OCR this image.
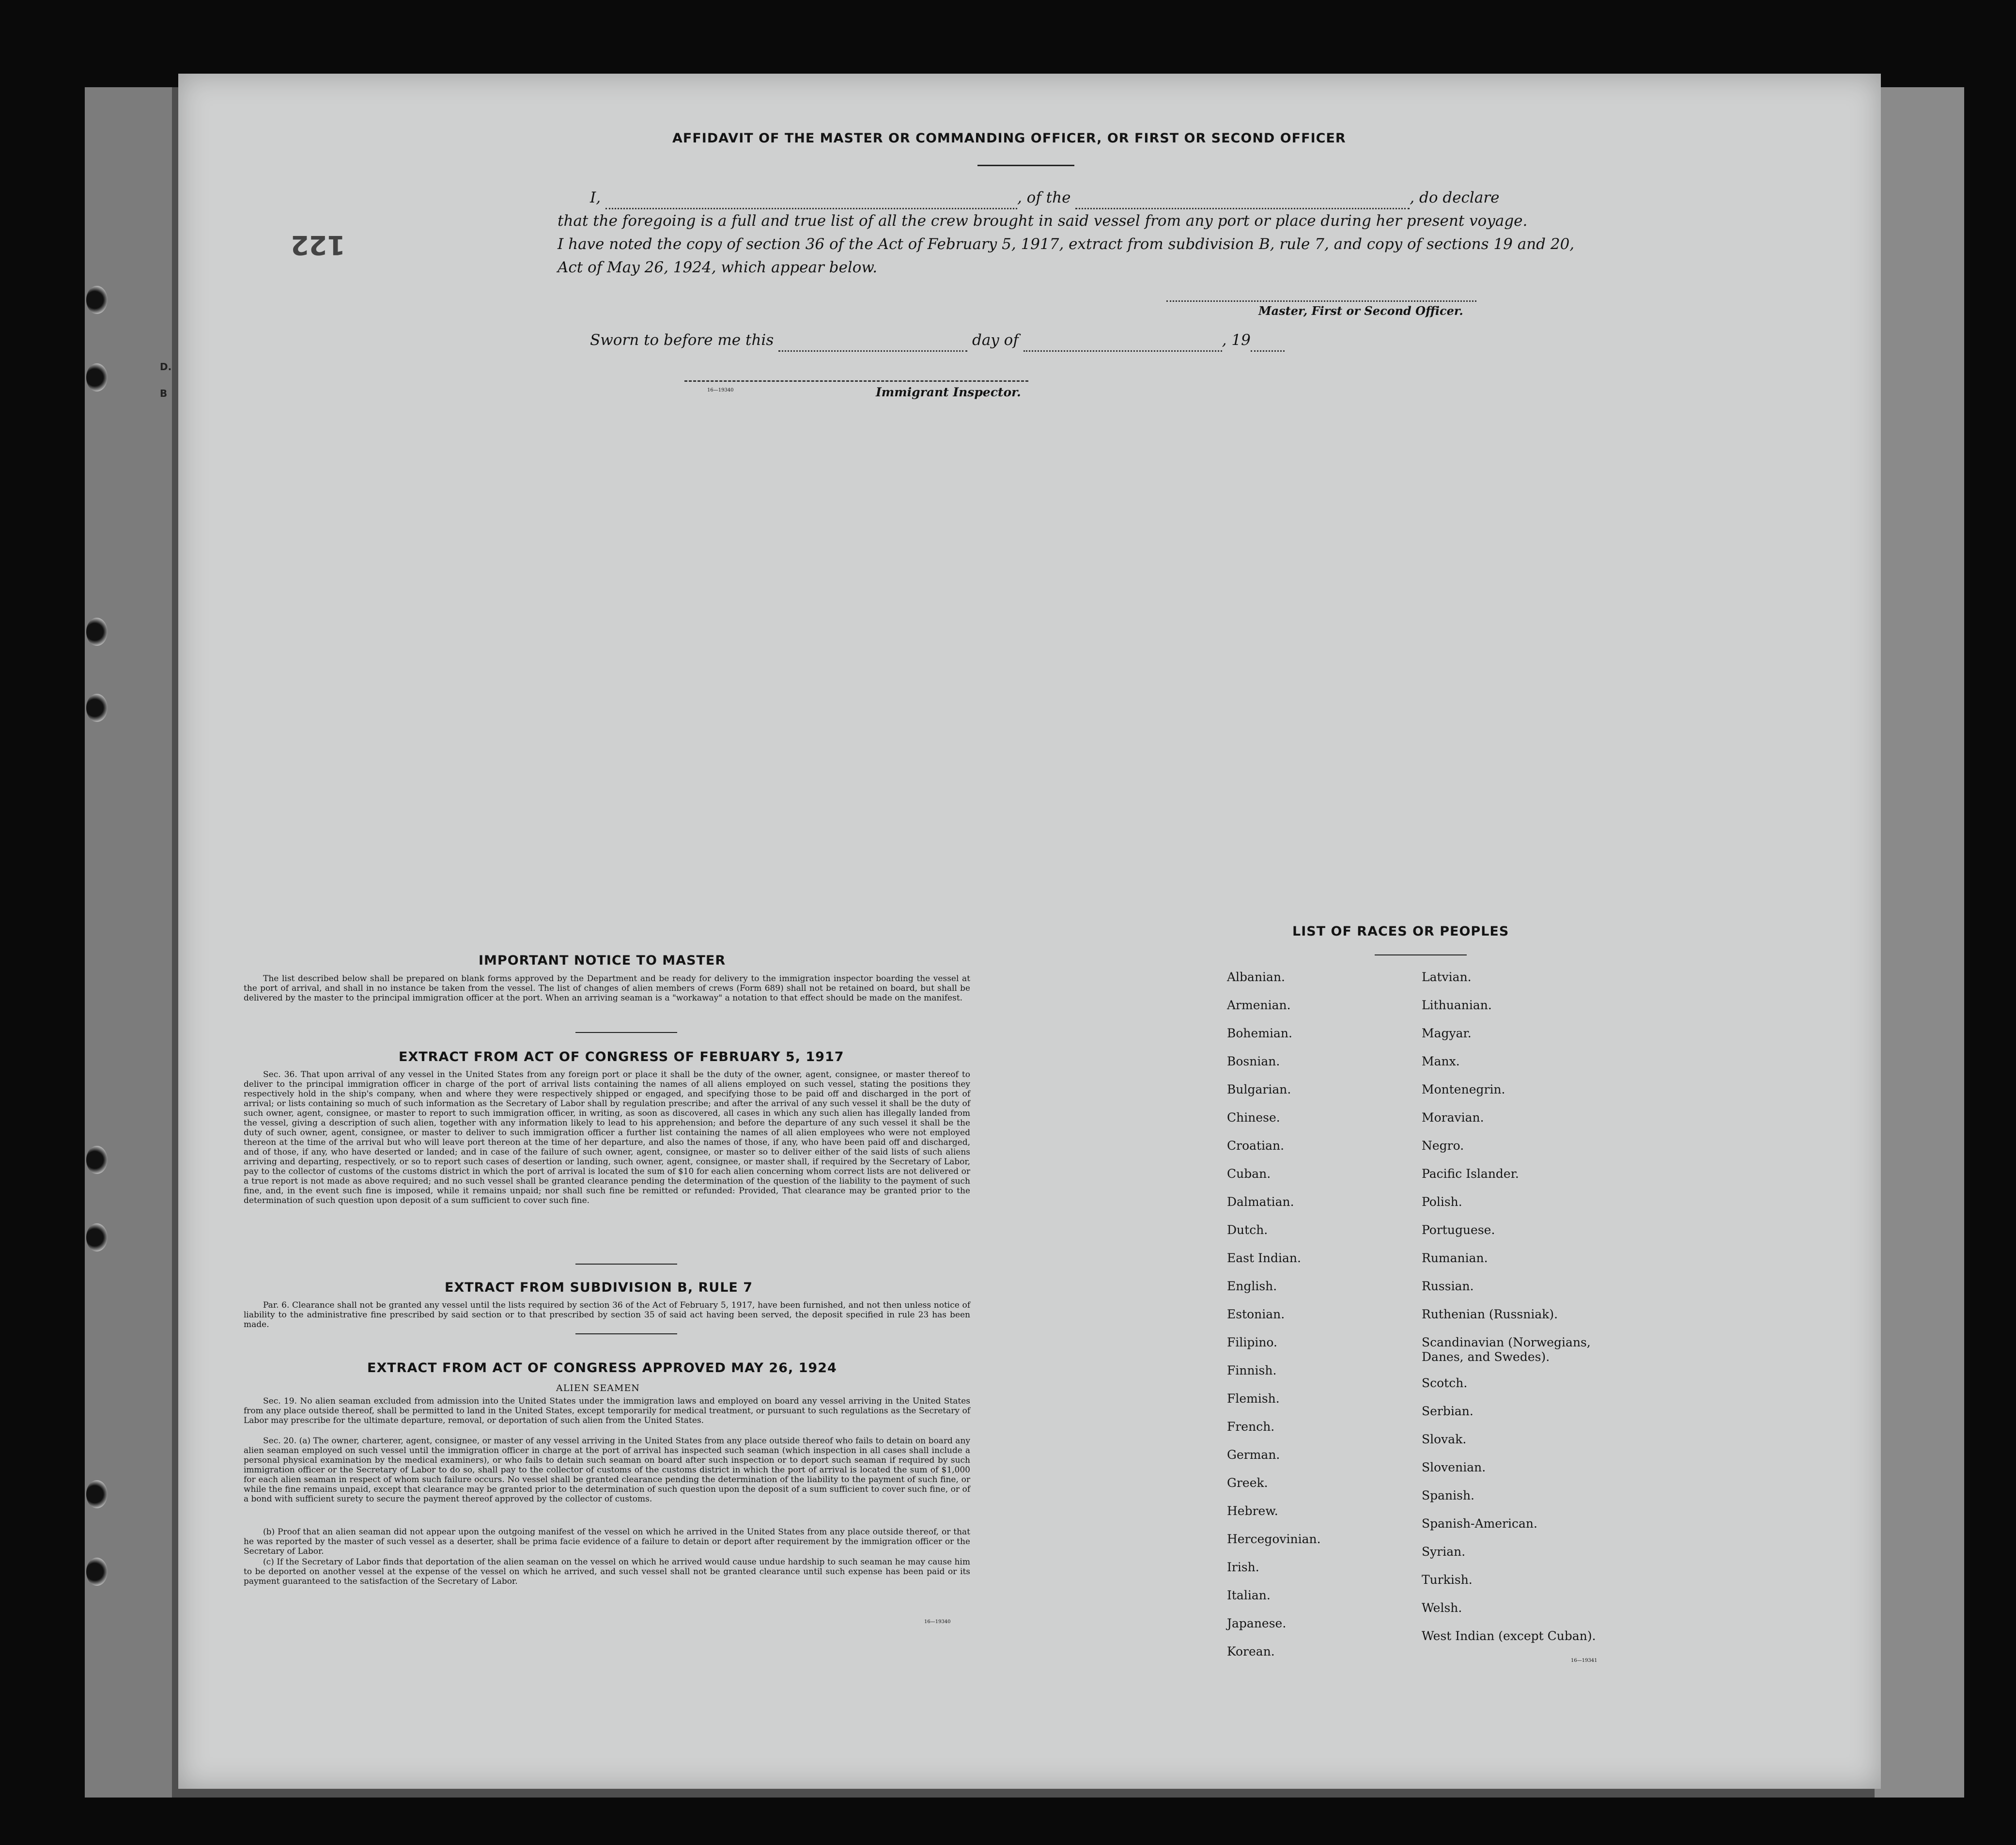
122
AFFIDAVIT OF THE MASTER OR COMMANDING OFFICER, OR FIRST OR SECOND OFFICER
I,	, of the	, do declare
that the foregoing is a full and true list of all the crew brought in said vessel from any port or place during her present voyage.
I have noted the copy of section 36 of the Act of February 5, 1917, extract from subdivision B, rule 7, and copy of sections 19 and 20,
Act of May 26, 1924, which appear below.
Master, First or Second Officer.
Sworn to before me this	day of	, 19
16—19340	Immigrant Inspector.
IMPORTANT NOTICE TO MASTER
The list described below shall be prepared on blank forms approved by the Department and be ready for delivery to the immigration inspector boarding the vessel at the port of arrival, and shall in no instance be taken from the vessel. The list of changes of alien members of crews (Form 689) shall not be retained on board, but shall be delivered by the master to the principal immigration officer at the port. When an arriving seaman is a "workaway" a notation to that effect should be made on the manifest.
EXTRACT FROM ACT OF CONGRESS OF FEBRUARY 5, 1917
Sec. 36. That upon arrival of any vessel in the United States from any foreign port or place it shall be the duty of the owner, agent, consignee, or master thereof to deliver to the principal immigration officer in charge of the port of arrival lists containing the names of all aliens employed on such vessel, stating the positions they respectively hold in the ship's company, when and where they were respectively shipped or engaged, and specifying those to be paid off and discharged in the port of arrival; or lists containing so much of such information as the Secretary of Labor shall by regulation prescribe; and after the arrival of any such vessel it shall be the duty of such owner, agent, consignee, or master to report to such immigration officer, in writing, as soon as discovered, all cases in which any such alien has illegally landed from the vessel, giving a description of such alien, together with any information likely to lead to his apprehension; and before the departure of any such vessel it shall be the duty of such owner, agent, consignee, or master to deliver to such immigration officer a further list containing the names of all alien employees who were not employed thereon at the time of the arrival but who will leave port thereon at the time of her departure, and also the names of those, if any, who have been paid off and discharged, and of those, if any, who have deserted or landed; and in case of the failure of such owner, agent, consignee, or master so to deliver either of the said lists of such aliens arriving and departing, respectively, or so to report such cases of desertion or landing, such owner, agent, consignee, or master shall, if required by the Secretary of Labor, pay to the collector of customs of the customs district in which the port of arrival is located the sum of $10 for each alien concerning whom correct lists are not delivered or a true report is not made as above required; and no such vessel shall be granted clearance pending the determination of the question of the liability to the payment of such fine, and, in the event such fine is imposed, while it remains unpaid; nor shall such fine be remitted or refunded: Provided, That clearance may be granted prior to the determination of such question upon deposit of a sum sufficient to cover such fine.
EXTRACT FROM SUBDIVISION B, RULE 7
Par. 6. Clearance shall not be granted any vessel until the lists required by section 36 of the Act of February 5, 1917, have been furnished, and not then unless notice of liability to the administrative fine prescribed by said section or to that prescribed by section 35 of said act having been served, the deposit specified in rule 23 has been made.
EXTRACT FROM ACT OF CONGRESS APPROVED MAY 26, 1924
ALIEN SEAMEN
Sec. 19. No alien seaman excluded from admission into the United States under the immigration laws and employed on board any vessel arriving in the United States from any place outside thereof, shall be permitted to land in the United States, except temporarily for medical treatment, or pursuant to such regulations as the Secretary of Labor may prescribe for the ultimate departure, removal, or deportation of such alien from the United States.
Sec. 20. (a) The owner, charterer, agent, consignee, or master of any vessel arriving in the United States from any place outside thereof who fails to detain on board any alien seaman employed on such vessel until the immigration officer in charge at the port of arrival has inspected such seaman (which inspection in all cases shall include a personal physical examination by the medical examiners), or who fails to detain such seaman on board after such inspection or to deport such seaman if required by such immigration officer or the Secretary of Labor to do so, shall pay to the collector of customs of the customs district in which the port of arrival is located the sum of $1,000 for each alien seaman in respect of whom such failure occurs. No vessel shall be granted clearance pending the determination of the liability to the payment of such fine, or while the fine remains unpaid, except that clearance may be granted prior to the determination of such question upon the deposit of a sum sufficient to cover such fine, or of a bond with sufficient surety to secure the payment thereof approved by the collector of customs.
(b) Proof that an alien seaman did not appear upon the outgoing manifest of the vessel on which he arrived in the United States from any place outside thereof, or that he was reported by the master of such vessel as a deserter, shall be prima facie evidence of a failure to detain or deport after requirement by the immigration officer or the Secretary of Labor.
(c) If the Secretary of Labor finds that deportation of the alien seaman on the vessel on which he arrived would cause undue hardship to such seaman he may cause him to be deported on another vessel at the expense of the vessel on which he arrived, and such vessel shall not be granted clearance until such expense has been paid or its payment guaranteed to the satisfaction of the Secretary of Labor.
16—19340
LIST OF RACES OR PEOPLES
16—19341
Albanian.
Armenian.
Bohemian.
Bosnian.
Bulgarian.
Chinese.
Croatian.
Cuban.
Dalmatian.
Dutch.
East Indian.
English.
Estonian.
Filipino.
Finnish.
Flemish.
French.
German.
Greek.
Hebrew.
Hercegovinian.
Irish.
Italian.
Japanese.
Korean.
Latvian.
Lithuanian.
Magyar.
Manx.
Montenegrin.
Moravian.
Negro.
Pacific Islander.
Polish.
Portuguese.
Rumanian.
Russian.
Ruthenian (Russniak).
Scandinavian (Norwegians, Danes, and Swedes).
Scotch.
Serbian.
Slovak.
Slovenian.
Spanish.
Spanish-American.
Syrian.
Turkish.
Welsh.
West Indian (except Cuban).
D.
B
